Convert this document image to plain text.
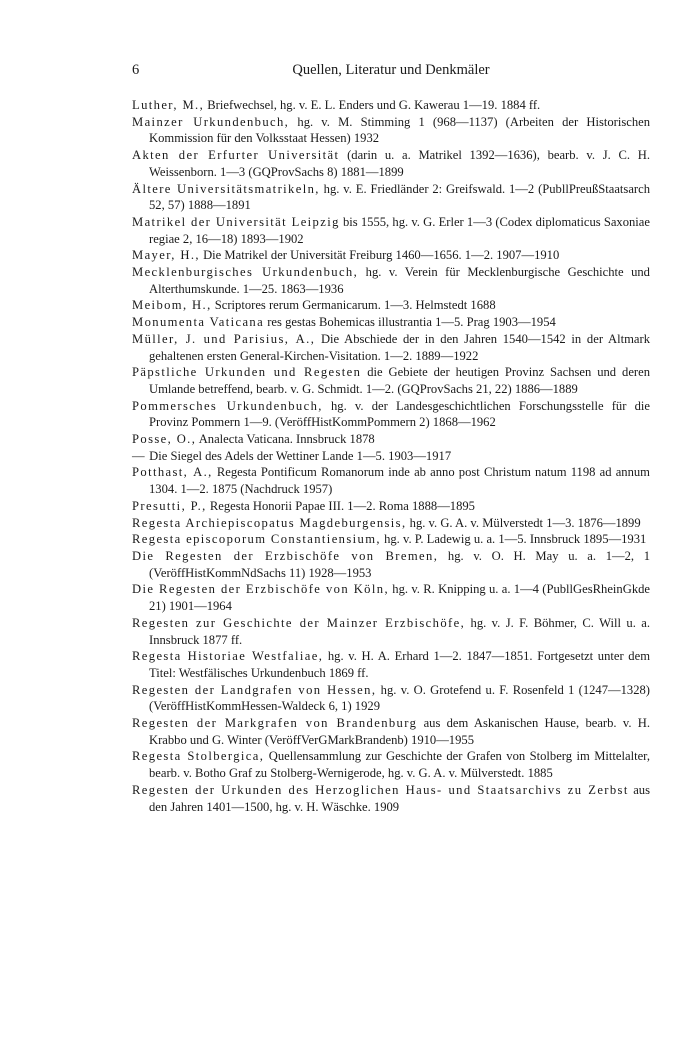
6	Quellen, Literatur und Denkmäler
Luther, M., Briefwechsel, hg. v. E. L. Enders und G. Kawerau 1—19. 1884 ff.
Mainzer Urkundenbuch, hg. v. M. Stimming 1 (968—1137) (Arbeiten der Historischen Kommission für den Volksstaat Hessen) 1932
Akten der Erfurter Universität (darin u. a. Matrikel 1392—1636), bearb. v. J. C. H. Weissenborn. 1—3 (GQProvSachs 8) 1881—1899
Ältere Universitätsmatrikeln, hg. v. E. Friedländer 2: Greifswald. 1—2 (PubllPreußStaatsarch 52, 57) 1888—1891
Matrikel der Universität Leipzig bis 1555, hg. v. G. Erler 1—3 (Codex diplomaticus Saxoniae regiae 2, 16—18) 1893—1902
Mayer, H., Die Matrikel der Universität Freiburg 1460—1656. 1—2. 1907—1910
Mecklenburgisches Urkundenbuch, hg. v. Verein für Mecklenburgische Geschichte und Alterthumskunde. 1—25. 1863—1936
Meibom, H., Scriptores rerum Germanicarum. 1—3. Helmstedt 1688
Monumenta Vaticana res gestas Bohemicas illustrantia 1—5. Prag 1903—1954
Müller, J. und Parisius, A., Die Abschiede der in den Jahren 1540—1542 in der Altmark gehaltenen ersten General-Kirchen-Visitation. 1—2. 1889—1922
Päpstliche Urkunden und Regesten die Gebiete der heutigen Provinz Sachsen und deren Umlande betreffend, bearb. v. G. Schmidt. 1—2. (GQProvSachs 21, 22) 1886—1889
Pommersches Urkundenbuch, hg. v. der Landesgeschichtlichen Forschungsstelle für die Provinz Pommern 1—9. (VeröffHistKommPommern 2) 1868—1962
Posse, O., Analecta Vaticana. Innsbruck 1878
— Die Siegel des Adels der Wettiner Lande 1—5. 1903—1917
Potthast, A., Regesta Pontificum Romanorum inde ab anno post Christum natum 1198 ad annum 1304. 1—2. 1875 (Nachdruck 1957)
Presutti, P., Regesta Honorii Papae III. 1—2. Roma 1888—1895
Regesta Archiepiscopatus Magdeburgensis, hg. v. G. A. v. Mülverstedt 1—3. 1876—1899
Regesta episcoporum Constantiensium, hg. v. P. Ladewig u. a. 1—5. Innsbruck 1895—1931
Die Regesten der Erzbischöfe von Bremen, hg. v. O. H. May u. a. 1—2, 1 (VeröffHistKommNdSachs 11) 1928—1953
Die Regesten der Erzbischöfe von Köln, hg. v. R. Knipping u. a. 1—4 (PubllGesRheinGkde 21) 1901—1964
Regesten zur Geschichte der Mainzer Erzbischöfe, hg. v. J. F. Böhmer, C. Will u. a. Innsbruck 1877 ff.
Regesta Historiae Westfaliae, hg. v. H. A. Erhard 1—2. 1847—1851. Fortgesetzt unter dem Titel: Westfälisches Urkundenbuch 1869 ff.
Regesten der Landgrafen von Hessen, hg. v. O. Grotefend u. F. Rosenfeld 1 (1247—1328) (VeröffHistKommHessen-Waldeck 6, 1) 1929
Regesten der Markgrafen von Brandenburg aus dem Askanischen Hause, bearb. v. H. Krabbo und G. Winter (VeröffVerGMarkBrandenb) 1910—1955
Regesta Stolbergica, Quellensammlung zur Geschichte der Grafen von Stolberg im Mittelalter, bearb. v. Botho Graf zu Stolberg-Wernigerode, hg. v. G. A. v. Mülverstedt. 1885
Regesten der Urkunden des Herzoglichen Haus- und Staatsarchivs zu Zerbst aus den Jahren 1401—1500, hg. v. H. Wäschke. 1909
